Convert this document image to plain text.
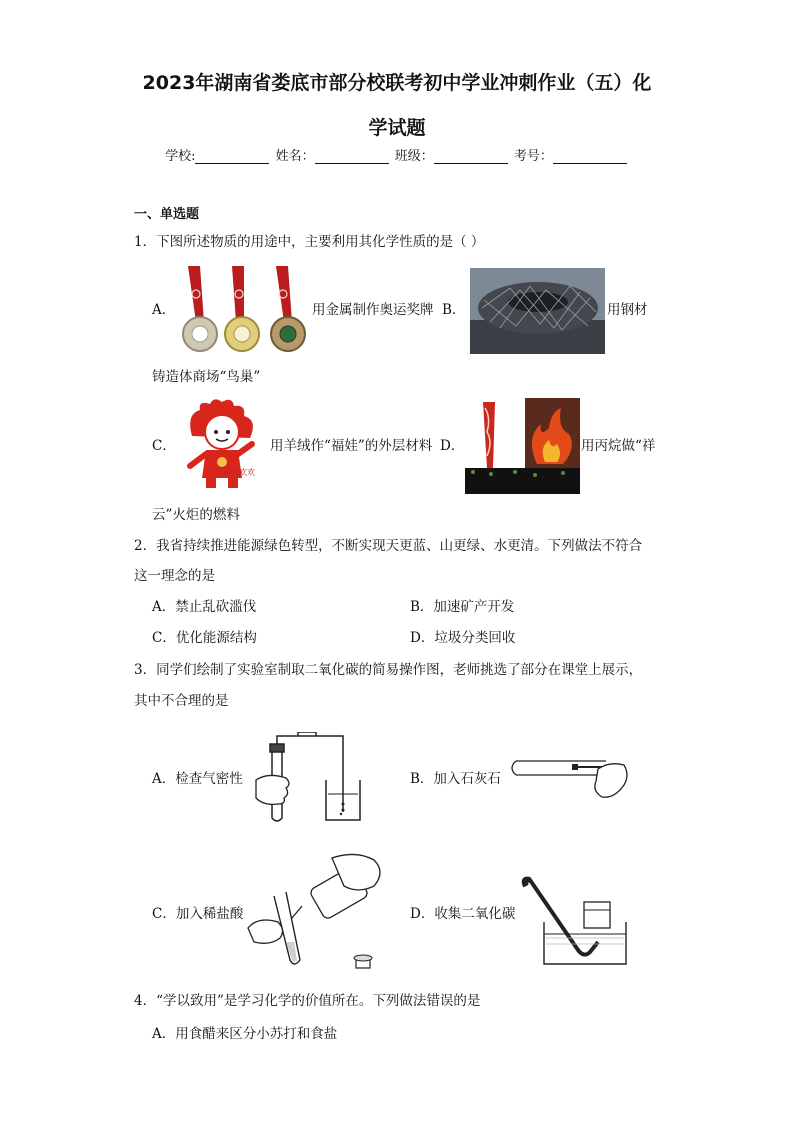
2023年湖南省娄底市部分校联考初中学业冲刺作业（五）化
学试题
学校:	姓名：	班级：	考号：
一、单选题
1．下图所述物质的用途中，主要利用其化学性质的是（ ）
A．	用金属制作奥运奖牌 B．	用钢材
铸造体商场“鸟巢”
C．
福娃欢欢
用羊绒作“福娃”的外层材料 D．	用丙烷做“祥
云”火炬的燃料
2．我省持续推进能源绿色转型，不断实现天更蓝、山更绿、水更清。下列做法不符合
这一理念的是
A．禁止乱砍滥伐	B．加速矿产开发
C．优化能源结构	D．垃圾分类回收
3．同学们绘制了实验室制取二氧化碳的简易操作图，老师挑选了部分在课堂上展示，
其中不合理的是
A．检查气密性	B．加入石灰石
C．加入稀盐酸	D．收集二氧化碳
4．“学以致用”是学习化学的价值所在。下列做法错误的是
A．用食醋来区分小苏打和食盐
